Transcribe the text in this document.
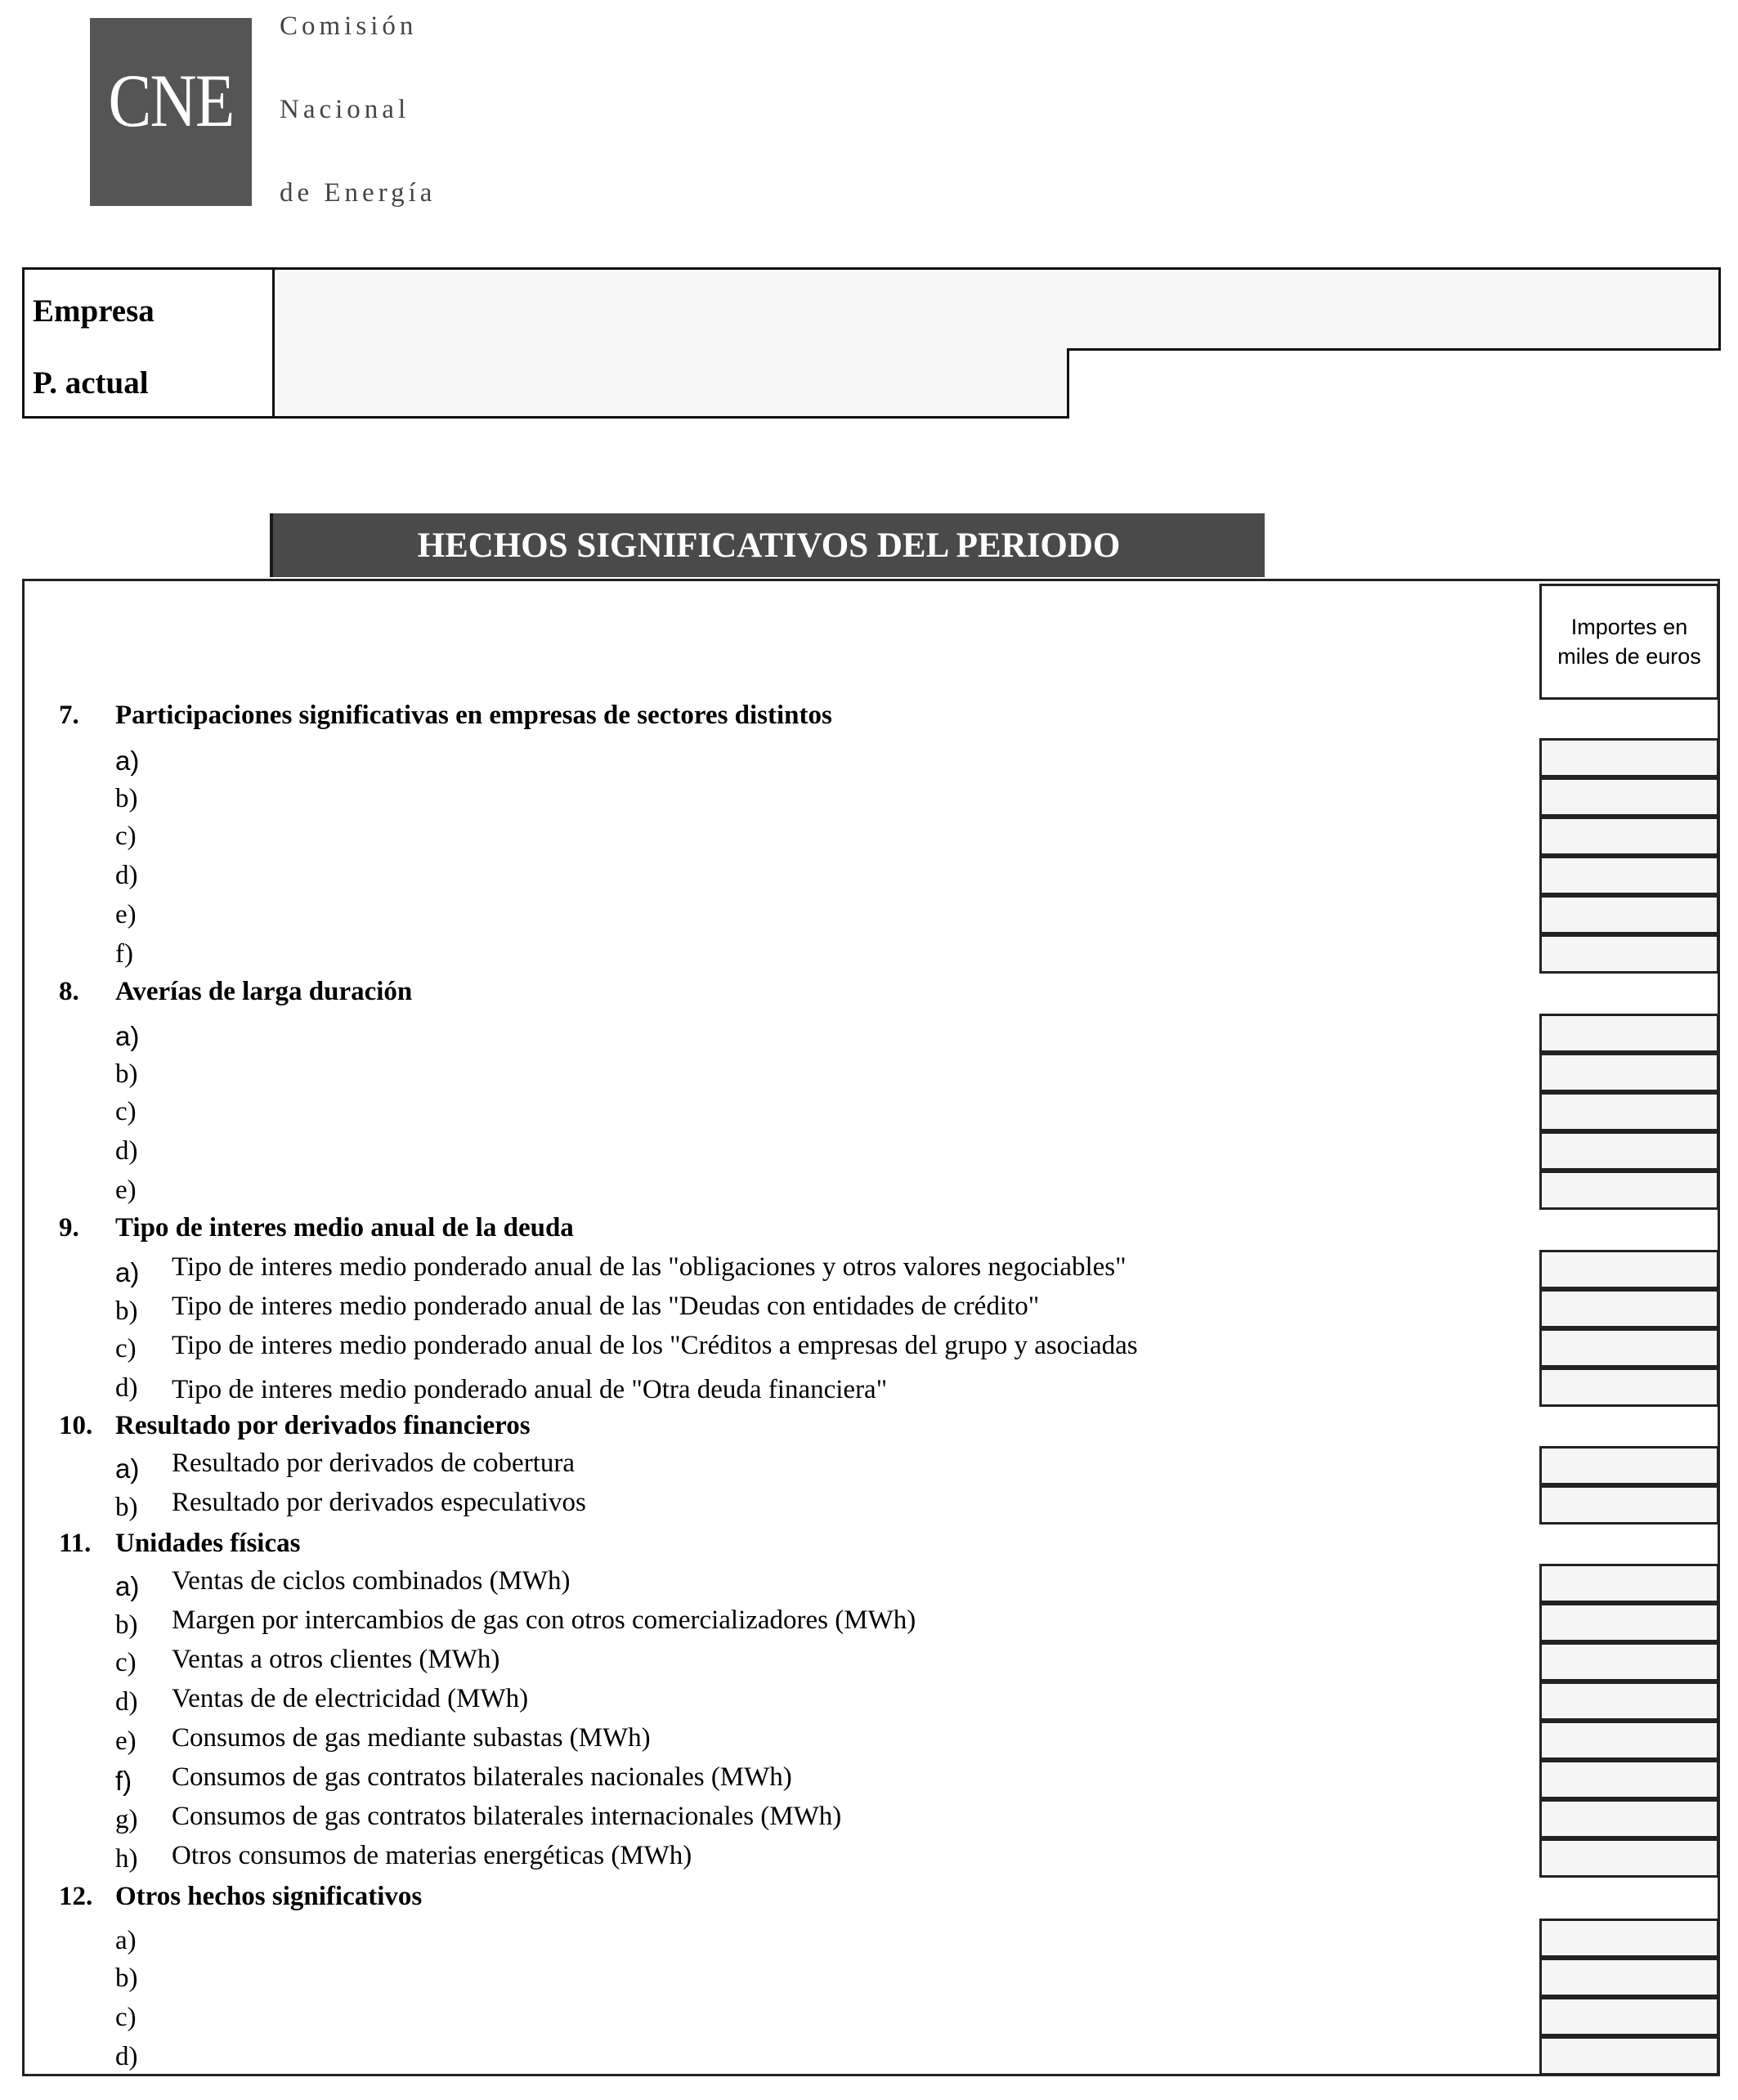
CNE
Comisión
Nacional
de Energía
Empresa
P. actual
HECHOS SIGNIFICATIVOS DEL PERIODO
Importes en
miles de euros
7. Participaciones significativas en empresas de sectores distintos
a)
b)
c)
d)
e)
f)
8. Averías de larga duración
a)
b)
c)
d)
e)
9. Tipo de interes medio anual de la deuda
a) Tipo de interes medio ponderado anual de las "obligaciones y otros valores negociables"
b) Tipo de interes medio ponderado anual de las "Deudas con entidades de crédito"
c) Tipo de interes medio ponderado anual de los "Créditos a empresas del grupo y asociadas
d) Tipo de interes medio ponderado anual de "Otra deuda financiera"
10. Resultado por derivados financieros
a) Resultado por derivados de cobertura
b) Resultado por derivados especulativos
11. Unidades físicas
a) Ventas de ciclos combinados (MWh)
b) Margen por intercambios de gas con otros comercializadores (MWh)
c) Ventas a otros clientes (MWh)
d) Ventas de de electricidad (MWh)
e) Consumos de gas mediante subastas (MWh)
f) Consumos de gas contratos bilaterales nacionales (MWh)
g) Consumos de gas contratos bilaterales internacionales (MWh)
h) Otros consumos de materias energéticas (MWh)
12. Otros hechos significativos
a)
b)
c)
d)
